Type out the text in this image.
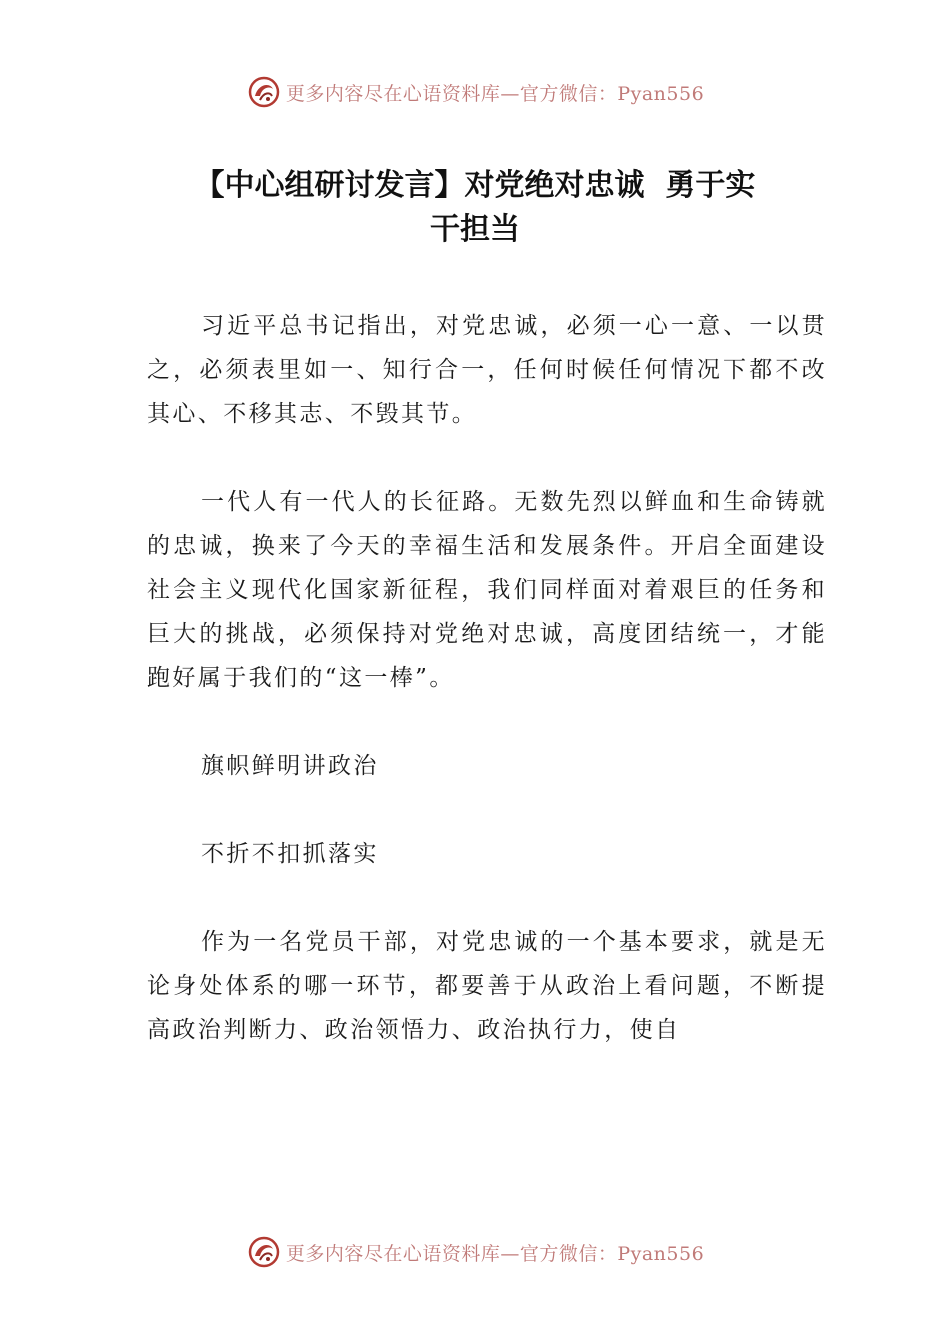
更多内容尽在心语资料库—官方微信：Pyan556
【中心组研讨发言】对党绝对忠诚  勇于实
干担当

习近平总书记指出，对党忠诚，必须一心一意、一以贯之，必须表里如一、知行合一，任何时候任何情况下都不改其心、不移其志、不毁其节。

一代人有一代人的长征路。无数先烈以鲜血和生命铸就的忠诚，换来了今天的幸福生活和发展条件。开启全面建设社会主义现代化国家新征程，我们同样面对着艰巨的任务和巨大的挑战，必须保持对党绝对忠诚，高度团结统一，才能跑好属于我们的“这一棒”。

旗帜鲜明讲政治

不折不扣抓落实

作为一名党员干部，对党忠诚的一个基本要求，就是无论身处体系的哪一环节，都要善于从政治上看问题，不断提高政治判断力、政治领悟力、政治执行力，使自

更多内容尽在心语资料库—官方微信：Pyan556
